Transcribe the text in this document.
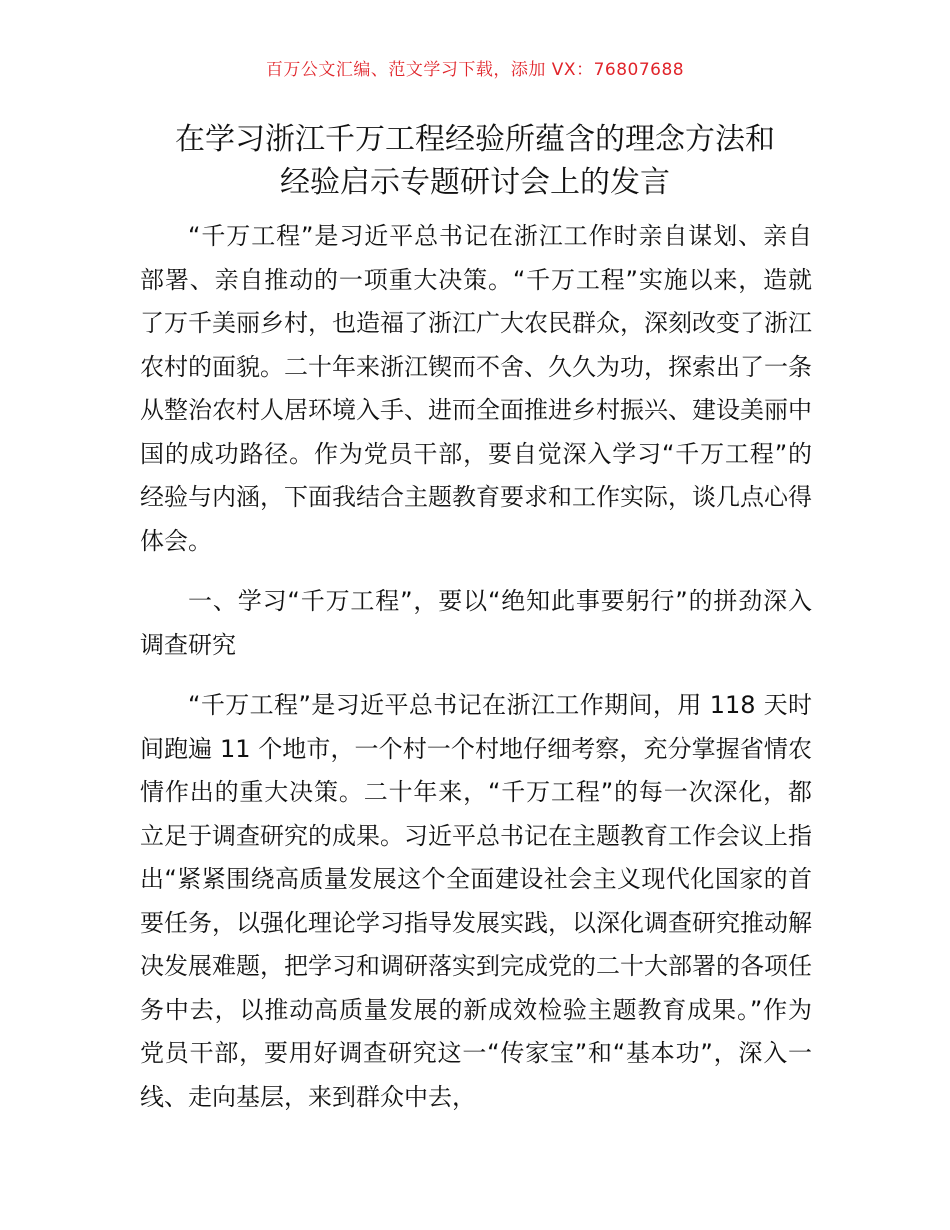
百万公文汇编、范文学习下载，添加 VX：76807688
在学习浙江千万工程经验所蕴含的理念方法和
经验启示专题研讨会上的发言

“千万工程”是习近平总书记在浙江工作时亲自谋划、亲自部署、亲自推动的一项重大决策。“千万工程”实施以来，造就了万千美丽乡村，也造福了浙江广大农民群众，深刻改变了浙江农村的面貌。二十年来浙江锲而不舍、久久为功，探索出了一条从整治农村人居环境入手、进而全面推进乡村振兴、建设美丽中国的成功路径。作为党员干部，要自觉深入学习“千万工程”的经验与内涵，下面我结合主题教育要求和工作实际，谈几点心得体会。

一、学习“千万工程”，要以“绝知此事要躬行”的拼劲深入调查研究

“千万工程”是习近平总书记在浙江工作期间，用 118 天时间跑遍 11 个地市，一个村一个村地仔细考察，充分掌握省情农情作出的重大决策。二十年来，“千万工程”的每一次深化，都立足于调查研究的成果。习近平总书记在主题教育工作会议上指出“紧紧围绕高质量发展这个全面建设社会主义现代化国家的首要任务，以强化理论学习指导发展实践，以深化调查研究推动解决发展难题，把学习和调研落实到完成党的二十大部署的各项任务中去，以推动高质量发展的新成效检验主题教育成果。”作为党员干部，要用好调查研究这一“传家宝”和“基本功”，深入一线、走向基层，来到群众中去，
